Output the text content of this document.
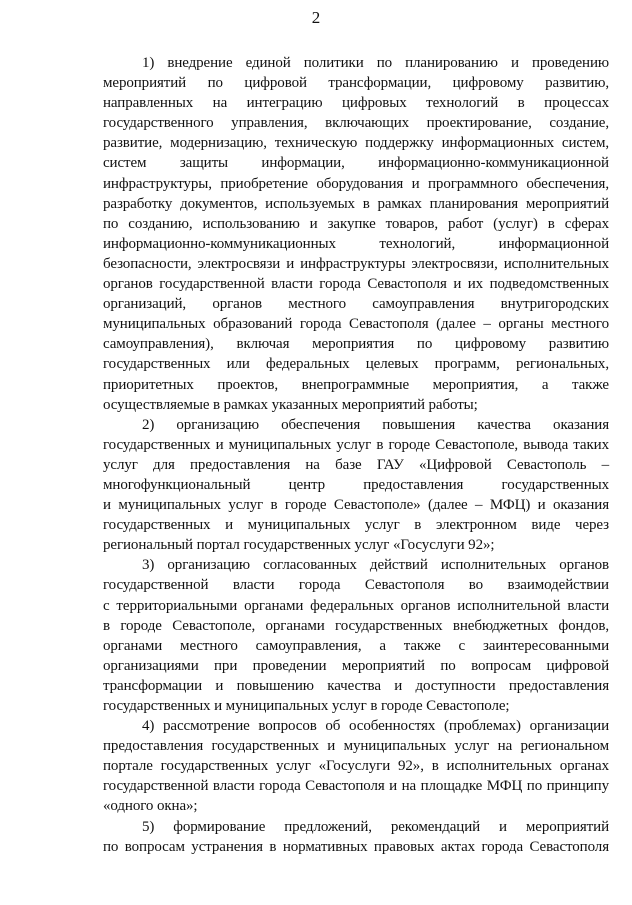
2
1) внедрение единой политики по планированию и проведению
мероприятий по цифровой трансформации, цифровому развитию,
направленных на интеграцию цифровых технологий в процессах
государственного управления, включающих проектирование, создание,
развитие, модернизацию, техническую поддержку информационных систем,
систем защиты информации, информационно-коммуникационной
инфраструктуры, приобретение оборудования и программного обеспечения,
разработку документов, используемых в рамках планирования мероприятий
по созданию, использованию и закупке товаров, работ (услуг) в сферах
информационно-коммуникационных технологий, информационной
безопасности, электросвязи и инфраструктуры электросвязи, исполнительных
органов государственной власти города Севастополя и их подведомственных
организаций, органов местного самоуправления внутригородских
муниципальных образований города Севастополя (далее – органы местного
самоуправления), включая мероприятия по цифровому развитию
государственных или федеральных целевых программ, региональных,
приоритетных проектов, внепрограммные мероприятия, а также
осуществляемые в рамках указанных мероприятий работы;
2) организацию обеспечения повышения качества оказания
государственных и муниципальных услуг в городе Севастополе, вывода таких
услуг для предоставления на базе ГАУ «Цифровой Севастополь –
многофункциональный центр предоставления государственных
и муниципальных услуг в городе Севастополе» (далее – МФЦ) и оказания
государственных и муниципальных услуг в электронном виде через
региональный портал государственных услуг «Госуслуги 92»;
3) организацию согласованных действий исполнительных органов
государственной власти города Севастополя во взаимодействии
с территориальными органами федеральных органов исполнительной власти
в городе Севастополе, органами государственных внебюджетных фондов,
органами местного самоуправления, а также с заинтересованными
организациями при проведении мероприятий по вопросам цифровой
трансформации и повышению качества и доступности предоставления
государственных и муниципальных услуг в городе Севастополе;
4) рассмотрение вопросов об особенностях (проблемах) организации
предоставления государственных и муниципальных услуг на региональном
портале государственных услуг «Госуслуги 92», в исполнительных органах
государственной власти города Севастополя и на площадке МФЦ по принципу
«одного окна»;
5) формирование предложений, рекомендаций и мероприятий
по вопросам устранения в нормативных правовых актах города Севастополя
